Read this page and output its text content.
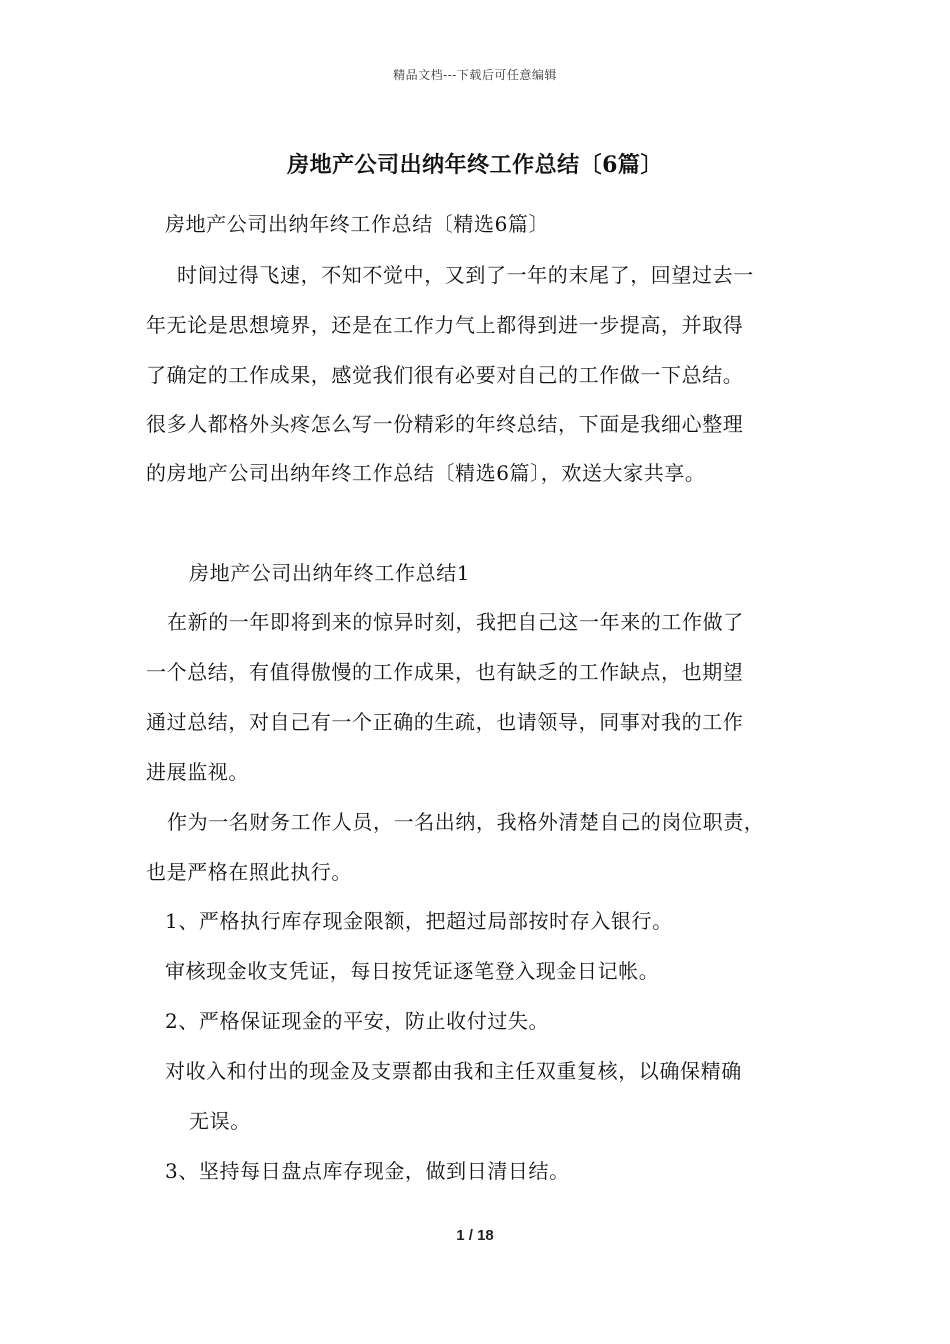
精品文档---下载后可任意编辑
房地产公司出纳年终工作总结〔6篇〕
房地产公司出纳年终工作总结〔精选6篇〕
时间过得飞速，不知不觉中，又到了一年的末尾了，回望过去一
年无论是思想境界，还是在工作力气上都得到进一步提高，并取得
了确定的工作成果，感觉我们很有必要对自己的工作做一下总结。
很多人都格外头疼怎么写一份精彩的年终总结，下面是我细心整理
的房地产公司出纳年终工作总结〔精选6篇〕，欢送大家共享。
房地产公司出纳年终工作总结1
在新的一年即将到来的惊异时刻，我把自己这一年来的工作做了
一个总结，有值得傲慢的工作成果，也有缺乏的工作缺点，也期望
通过总结，对自己有一个正确的生疏，也请领导，同事对我的工作
进展监视。
作为一名财务工作人员，一名出纳，我格外清楚自己的岗位职责，
也是严格在照此执行。
1、严格执行库存现金限额，把超过局部按时存入银行。
审核现金收支凭证，每日按凭证逐笔登入现金日记帐。
2、严格保证现金的平安，防止收付过失。
对收入和付出的现金及支票都由我和主任双重复核，以确保精确
无误。
3、坚持每日盘点库存现金，做到日清日结。
1 / 18
